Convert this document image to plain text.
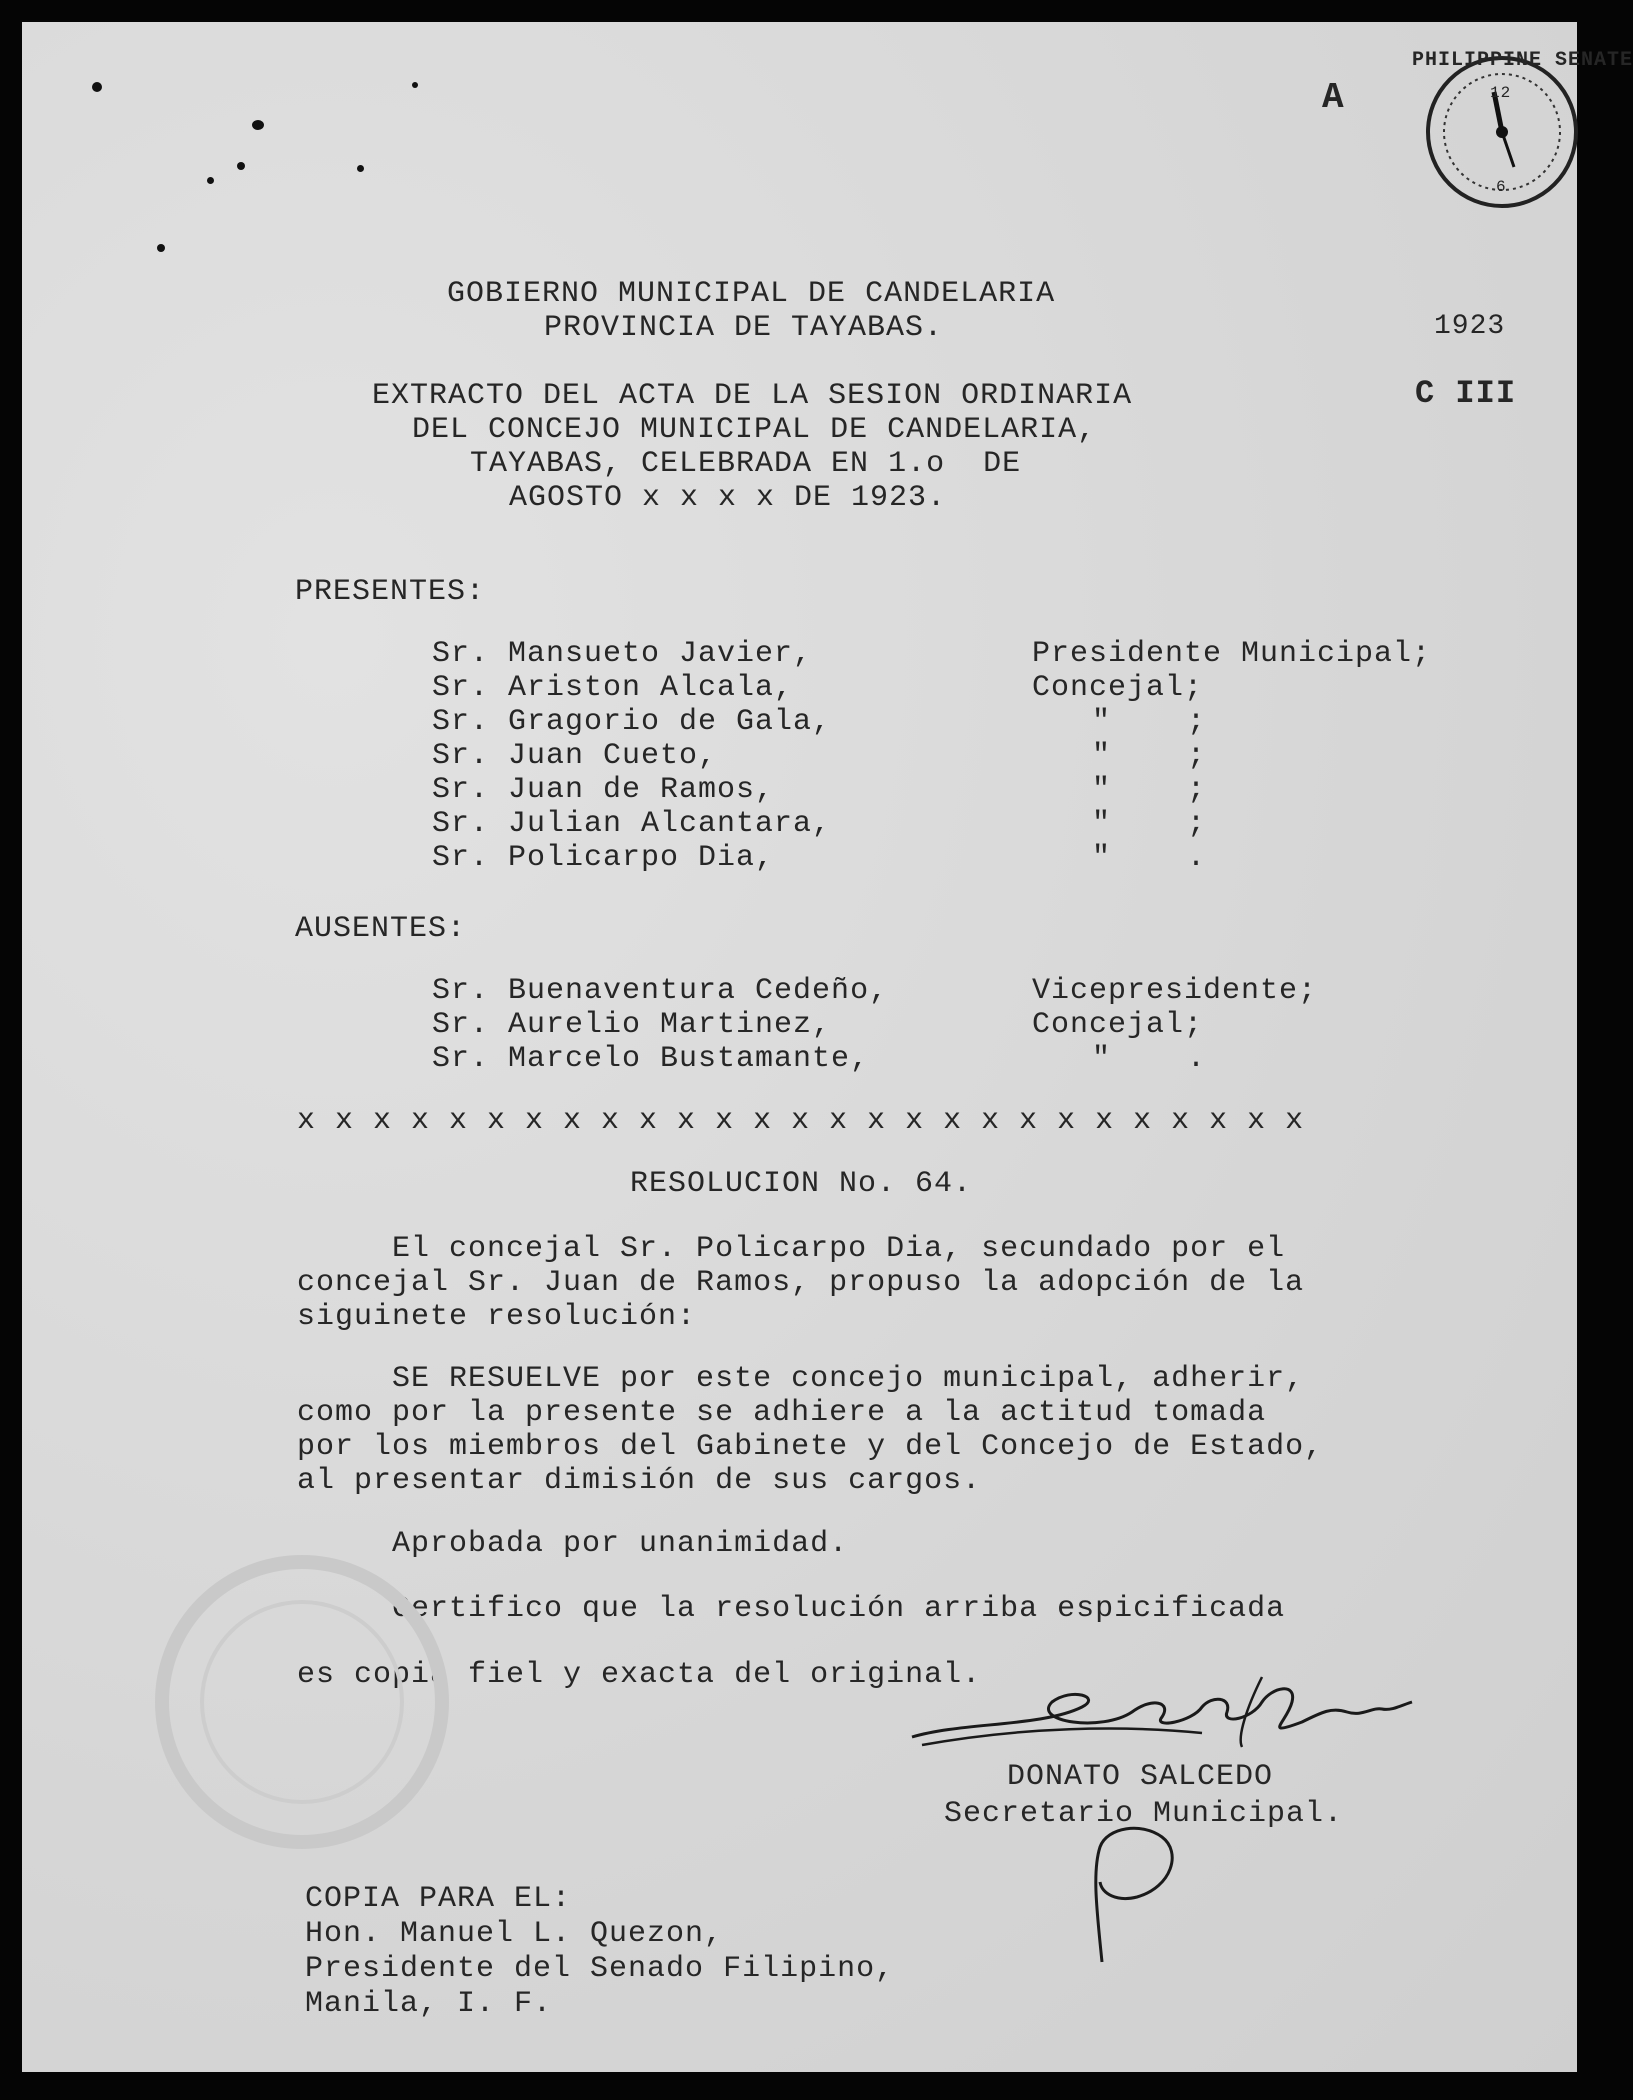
GOBIERNO MUNICIPAL DE CANDELARIA
PROVINCIA DE TAYABAS.
EXTRACTO DEL ACTA DE LA SESION ORDINARIA
DEL CONCEJO MUNICIPAL DE CANDELARIA,
TAYABAS, CELEBRADA EN 1.o  DE
AGOSTO x x x x DE 1923.
PRESENTES:
Sr. Mansueto Javier,	Presidente Municipal;
Sr. Ariston Alcala,	Concejal;
Sr. Gragorio de Gala,	"    ;
Sr. Juan Cueto,	"    ;
Sr. Juan de Ramos,	"    ;
Sr. Julian Alcantara,	"    ;
Sr. Policarpo Dia,	"    .
AUSENTES:
Sr. Buenaventura Cedeño,	Vicepresidente;
Sr. Aurelio Martinez,	Concejal;
Sr. Marcelo Bustamante,	"    .
x x x x x x x x x x x x x x x x x x x x x x x x x x x
RESOLUCION No. 64.
El concejal Sr. Policarpo Dia, secundado por el
concejal Sr. Juan de Ramos, propuso la adopción de la
siguinete resolución:
SE RESUELVE por este concejo municipal, adherir,
como por la presente se adhiere a la actitud tomada
por los miembros del Gabinete y del Concejo de Estado,
al presentar dimisión de sus cargos.
Aprobada por unanimidad.
Certifico que la resolución arriba espicificada
es copia fiel y exacta del original.
DONATO SALCEDO
Secretario Municipal.
COPIA PARA EL:
Hon. Manuel L. Quezon,
Presidente del Senado Filipino,
Manila, I. F.
A
PHILIPPINE SENATE
12
6
1923
C III
